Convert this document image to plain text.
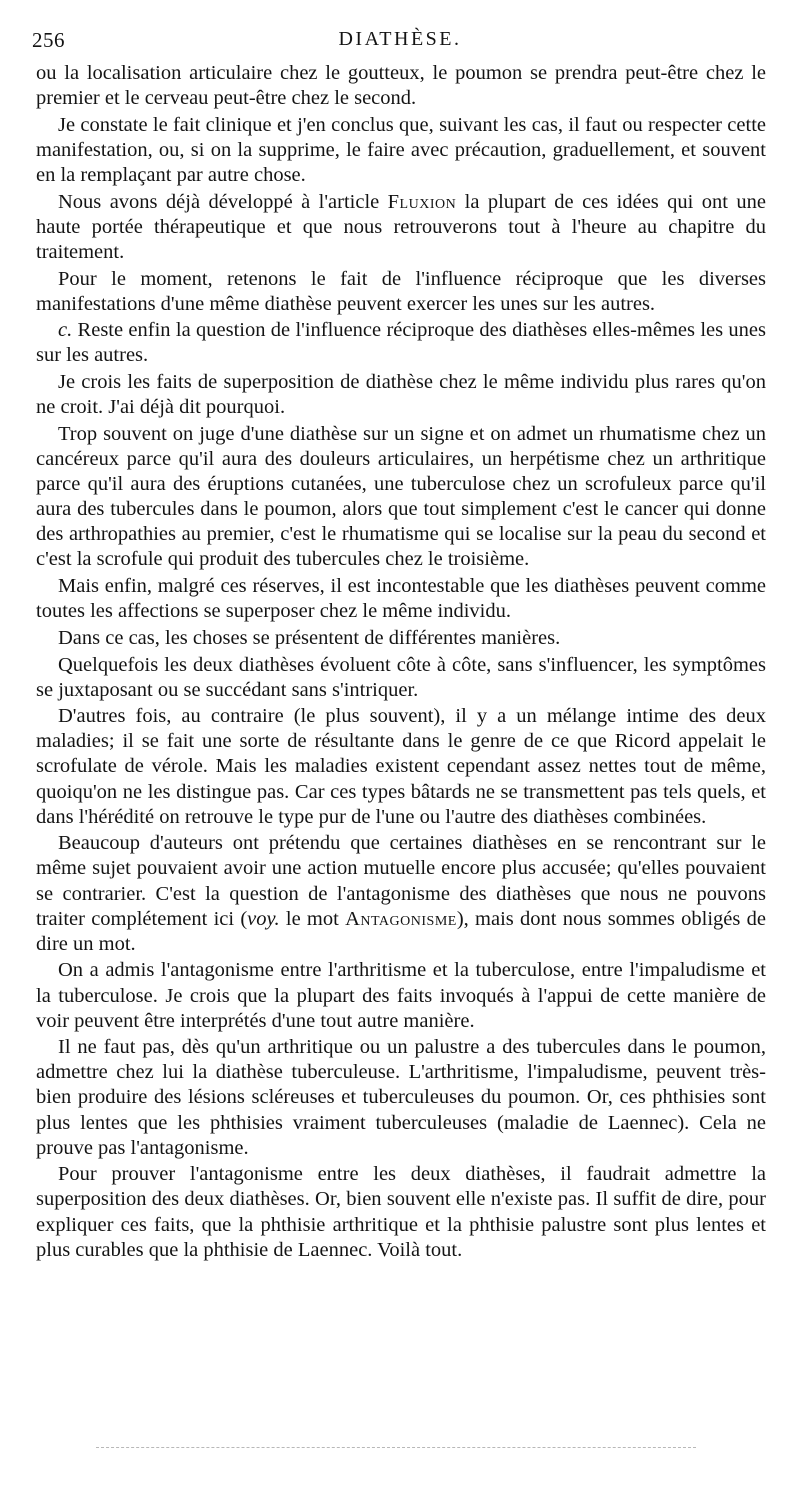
256	DIATHÈSE.

ou la localisation articulaire chez le goutteux, le poumon se prendra peut-être chez le premier et le cerveau peut-être chez le second.

Je constate le fait clinique et j'en conclus que, suivant les cas, il faut ou respecter cette manifestation, ou, si on la supprime, le faire avec précaution, graduellement, et souvent en la remplaçant par autre chose.

Nous avons déjà développé à l'article Fluxion la plupart de ces idées qui ont une haute portée thérapeutique et que nous retrouverons tout à l'heure au chapitre du traitement.

Pour le moment, retenons le fait de l'influence réciproque que les diverses manifestations d'une même diathèse peuvent exercer les unes sur les autres.

c. Reste enfin la question de l'influence réciproque des diathèses elles-mêmes les unes sur les autres.

Je crois les faits de superposition de diathèse chez le même individu plus rares qu'on ne croit. J'ai déjà dit pourquoi.

Trop souvent on juge d'une diathèse sur un signe et on admet un rhumatisme chez un cancéreux parce qu'il aura des douleurs articulaires, un herpétisme chez un arthritique parce qu'il aura des éruptions cutanées, une tuberculose chez un scrofuleux parce qu'il aura des tubercules dans le poumon, alors que tout simplement c'est le cancer qui donne des arthropathies au premier, c'est le rhumatisme qui se localise sur la peau du second et c'est la scrofule qui produit des tubercules chez le troisième.

Mais enfin, malgré ces réserves, il est incontestable que les diathèses peuvent comme toutes les affections se superposer chez le même individu.

Dans ce cas, les choses se présentent de différentes manières.

Quelquefois les deux diathèses évoluent côte à côte, sans s'influencer, les symptômes se juxtaposant ou se succédant sans s'intriquer.

D'autres fois, au contraire (le plus souvent), il y a un mélange intime des deux maladies; il se fait une sorte de résultante dans le genre de ce que Ricord appelait le scrofulate de vérole. Mais les maladies existent cependant assez nettes tout de même, quoiqu'on ne les distingue pas. Car ces types bâtards ne se transmettent pas tels quels, et dans l'hérédité on retrouve le type pur de l'une ou l'autre des diathèses combinées.

Beaucoup d'auteurs ont prétendu que certaines diathèses en se rencontrant sur le même sujet pouvaient avoir une action mutuelle encore plus accusée; qu'elles pouvaient se contrarier. C'est la question de l'antagonisme des diathèses que nous ne pouvons traiter complétement ici (voy. le mot Antagonisme), mais dont nous sommes obligés de dire un mot.

On a admis l'antagonisme entre l'arthritisme et la tuberculose, entre l'impaludisme et la tuberculose. Je crois que la plupart des faits invoqués à l'appui de cette manière de voir peuvent être interprétés d'une tout autre manière.

Il ne faut pas, dès qu'un arthritique ou un palustre a des tubercules dans le poumon, admettre chez lui la diathèse tuberculeuse. L'arthritisme, l'impaludisme, peuvent très-bien produire des lésions scléreuses et tuberculeuses du poumon. Or, ces phthisies sont plus lentes que les phthisies vraiment tuberculeuses (maladie de Laennec). Cela ne prouve pas l'antagonisme.

Pour prouver l'antagonisme entre les deux diathèses, il faudrait admettre la superposition des deux diathèses. Or, bien souvent elle n'existe pas. Il suffit de dire, pour expliquer ces faits, que la phthisie arthritique et la phthisie palustre sont plus lentes et plus curables que la phthisie de Laennec. Voilà tout.
